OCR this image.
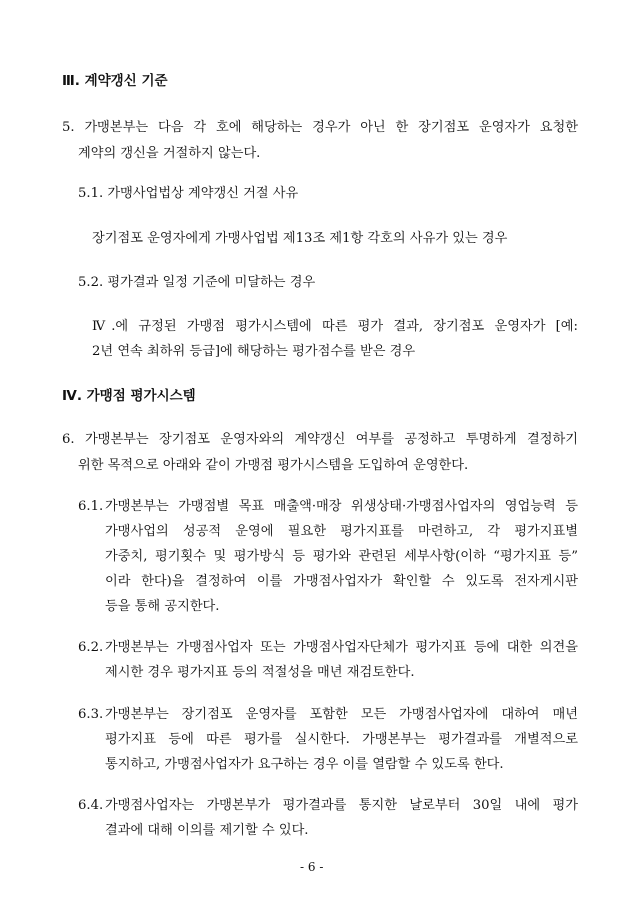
Ⅲ. 계약갱신 기준
5. 가맹본부는 다음 각 호에 해당하는 경우가 아닌 한 장기점포 운영자가 요청한
계약의 갱신을 거절하지 않는다.
5.1. 가맹사업법상 계약갱신 거절 사유
장기점포 운영자에게 가맹사업법 제13조 제1항 각호의 사유가 있는 경우
5.2. 평가결과 일정 기준에 미달하는 경우
Ⅳ.에 규정된 가맹점 평가시스템에 따른 평가 결과, 장기점포 운영자가 [예:
2년 연속 최하위 등급]에 해당하는 평가점수를 받은 경우
Ⅳ. 가맹점 평가시스템
6. 가맹본부는 장기점포 운영자와의 계약갱신 여부를 공정하고 투명하게 결정하기
위한 목적으로 아래와 같이 가맹점 평가시스템을 도입하여 운영한다.
6.1. 가맹본부는 가맹점별 목표 매출액·매장 위생상태·가맹점사업자의 영업능력 등
가맹사업의 성공적 운영에 필요한 평가지표를 마련하고, 각 평가지표별
가중치, 평기횟수 및 평가방식 등 평가와 관련된 세부사항(이하 “평가지표 등”
이라 한다)을 결정하여 이를 가맹점사업자가 확인할 수 있도록 전자게시판
등을 통해 공지한다.
6.2. 가맹본부는 가맹점사업자 또는 가맹점사업자단체가 평가지표 등에 대한 의견을
제시한 경우 평가지표 등의 적절성을 매년 재검토한다.
6.3. 가맹본부는 장기점포 운영자를 포함한 모든 가맹점사업자에 대하여 매년
평가지표 등에 따른 평가를 실시한다. 가맹본부는 평가결과를 개별적으로
통지하고, 가맹점사업자가 요구하는 경우 이를 열람할 수 있도록 한다.
6.4. 가맹점사업자는 가맹본부가 평가결과를 통지한 날로부터 30일 내에 평가
결과에 대해 이의를 제기할 수 있다.
- 6 -
